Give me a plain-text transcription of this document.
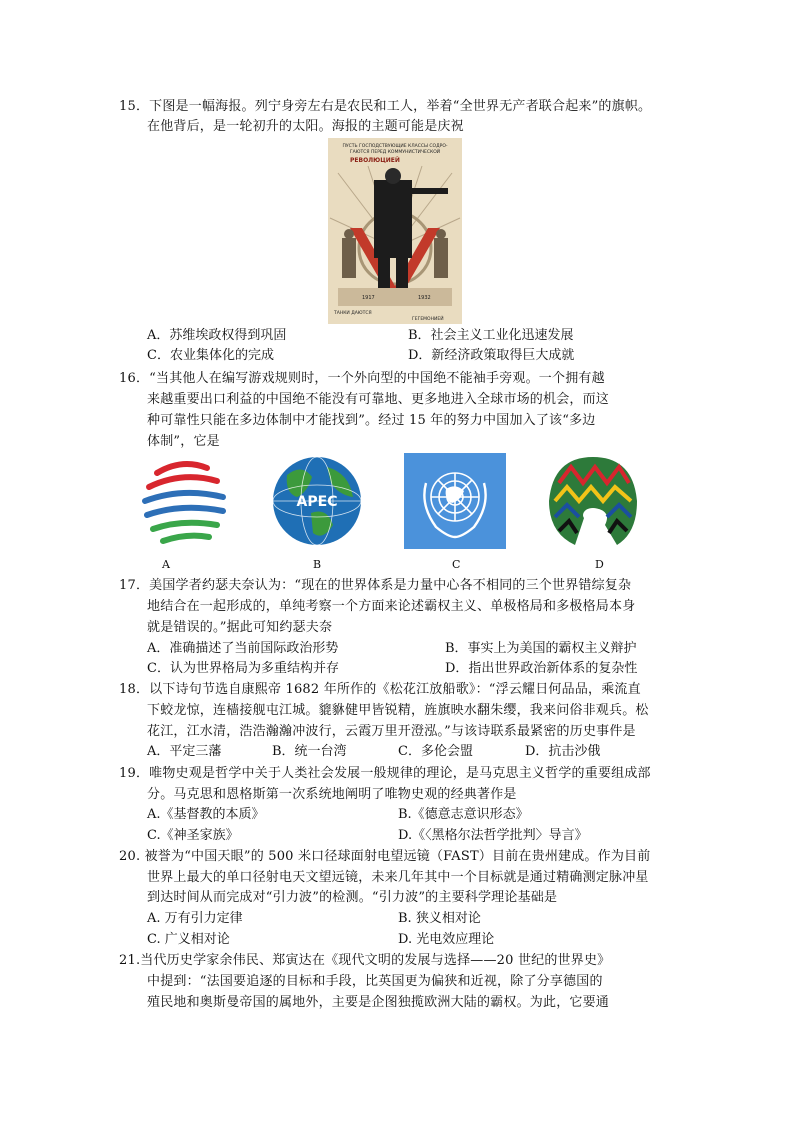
15．下图是一幅海报。列宁身旁左右是农民和工人，举着“全世界无产者联合起来”的旗帜。
在他背后，是一轮初升的太阳。海报的主题可能是庆祝
ПУСТЬ ГОСПОДСТВУЮЩИЕ КЛАССЫ СОДРО-
ГАЮТСЯ ПЕРЕД КОММУНИСТИЧЕСКОЙ
РЕВОЛЮЦИЕЙ
1917	1932
ТАНКИ ДАЮТСЯ
ГЕГЕМОНИЕЙ
A．苏维埃政权得到巩固	B．社会主义工业化迅速发展
C．农业集体化的完成	D．新经济政策取得巨大成就
16．“当其他人在编写游戏规则时，一个外向型的中国绝不能袖手旁观。一个拥有越
来越重要出口利益的中国绝不能没有可靠地、更多地进入全球市场的机会，而这
种可靠性只能在多边体制中才能找到”。经过 15 年的努力中国加入了该“多边
体制”，它是
A
APEC
B	C	D
17．美国学者约瑟夫奈认为：“现在的世界体系是力量中心各不相同的三个世界错综复杂
地结合在一起形成的，单纯考察一个方面来论述霸权主义、单极格局和多极格局本身
就是错误的。”据此可知约瑟夫奈
A．准确描述了当前国际政治形势	B．事实上为美国的霸权主义辩护
C．认为世界格局为多重结构并存	D．指出世界政治新体系的复杂性
18．以下诗句节选自康熙帝 1682 年所作的《松花江放船歌》：“浮云耀日何品品，乘流直
下蛟龙惊，连樯接舰屯江城。貔貅健甲皆锐精，旌旗映水翻朱缨，我来问俗非观兵。松
花江，江水清，浩浩瀚瀚冲波行，云霞万里开澄泓。”与该诗联系最紧密的历史事件是
A．平定三藩	B．统一台湾	C．多伦会盟	D．抗击沙俄
19．唯物史观是哲学中关于人类社会发展一般规律的理论，是马克思主义哲学的重要组成部
分。马克思和恩格斯第一次系统地阐明了唯物史观的经典著作是
A.《基督教的本质》	B.《德意志意识形态》
C.《神圣家族》	D.《〈黑格尔法哲学批判〉导言》
20. 被誉为“中国天眼”的 500 米口径球面射电望远镜（FAST）目前在贵州建成。作为目前
世界上最大的单口径射电天文望远镜，未来几年其中一个目标就是通过精确测定脉冲星
到达时间从而完成对“引力波”的检测。“引力波”的主要科学理论基础是
A. 万有引力定律	B. 狭义相对论
C. 广义相对论	D. 光电效应理论
21.当代历史学家余伟民、郑寅达在《现代文明的发展与选择——20 世纪的世界史》
中提到：“法国要追逐的目标和手段，比英国更为偏狭和近视，除了分享德国的
殖民地和奥斯曼帝国的属地外，主要是企图独揽欧洲大陆的霸权。为此，它要通
